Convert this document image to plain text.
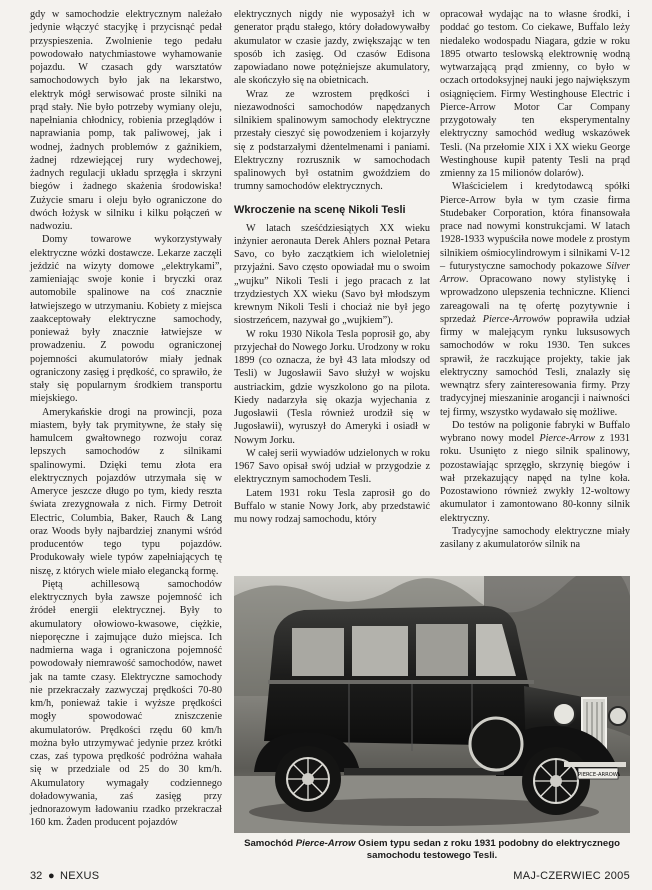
gdy w samochodzie elektrycznym należało jedynie włączyć stacyjkę i przycisnąć pedał przyspieszenia. Zwolnienie tego pedału powodowało natychmiastowe wyhamowanie pojazdu. W czasach gdy warsztatów samochodowych było jak na lekarstwo, elektryk mógł serwisować proste silniki na prąd stały. Nie było potrzeby wymiany oleju, napełniania chłodnicy, robienia przeglądów i naprawiania pomp, tak paliwowej, jak i wodnej, żadnych problemów z gaźnikiem, żadnej rdzewiejącej rury wydechowej, żadnych regulacji układu sprzęgła i skrzyni biegów i żadnego skażenia środowiska! Zużycie smaru i oleju było ograniczone do dwóch łożysk w silniku i kilku połączeń w nadwoziu.

Domy towarowe wykorzystywały elektryczne wózki dostawcze. Lekarze zaczęli jeździć na wizyty domowe „elektrykami”, zamieniając swoje konie i bryczki oraz automobile spalinowe na coś znacznie łatwiejszego w utrzymaniu. Kobiety z miejsca zaakceptowały elektryczne samochody, ponieważ były znacznie łatwiejsze w prowadzeniu. Z powodu ograniczonej pojemności akumulatorów miały jednak ograniczony zasięg i prędkość, co sprawiło, że stały się popularnym środkiem transportu miejskiego.

Amerykańskie drogi na prowincji, poza miastem, były tak prymitywne, że stały się hamulcem gwałtownego rozwoju coraz lepszych samochodów z silnikami spalinowymi. Dzięki temu złota era elektrycznych pojazdów utrzymała się w Ameryce jeszcze długo po tym, kiedy reszta świata zrezygnowała z nich. Firmy Detroit Electric, Columbia, Baker, Rauch & Lang oraz Woods były najbardziej znanymi wśród producentów tego typu pojazdów. Produkowały wiele typów zapełniających tę niszę, z których wiele miało elegancką formę.

Piętą achillesową samochodów elektrycznych była zawsze pojemność ich źródeł energii elektrycznej. Były to akumulatory ołowiowo-kwasowe, ciężkie, nieporęczne i zajmujące dużo miejsca. Ich nadmierna waga i ograniczona pojemność powodowały niemrawość samochodów, nawet jak na tamte czasy. Elektryczne samochody nie przekraczały zazwyczaj prędkości 70-80 km/h, ponieważ takie i wyższe prędkości mogły spowodować zniszczenie akumulatorów. Prędkości rzędu 60 km/h można było utrzymywać jedynie przez krótki czas, zaś typowa prędkość podróżna wahała się w przedziale od 25 do 30 km/h. Akumulatory wymagały codziennego doładowywania, zaś zasięg przy jednorazowym ładowaniu rzadko przekraczał 160 km. Żaden producent pojazdów

elektrycznych nigdy nie wyposażył ich w generator prądu stałego, który doładowywałby akumulator w czasie jazdy, zwiększając w ten sposób ich zasięg. Od czasów Edisona zapowiadano nowe potężniejsze akumulatory, ale skończyło się na obietnicach.

Wraz ze wzrostem prędkości i niezawodności samochodów napędzanych silnikiem spalinowym samochody elektryczne przestały cieszyć się powodzeniem i kojarzyły się z podstarzałymi dżentelmenami i paniami. Elektryczny rozrusznik w samochodach spalinowych był ostatnim gwoździem do trumny samochodów elektrycznych.

Wkroczenie na scenę Nikoli Tesli

W latach sześćdziesiątych XX wieku inżynier aeronauta Derek Ahlers poznał Petara Savo, co było zaczątkiem ich wieloletniej przyjaźni. Savo często opowiadał mu o swoim „wujku” Nikoli Tesli i jego pracach z lat trzydziestych XX wieku (Savo był młodszym krewnym Nikoli Tesli i chociaż nie był jego siostrzeńcem, nazywał go „wujkiem”).

W roku 1930 Nikola Tesla poprosił go, aby przyjechał do Nowego Jorku. Urodzony w roku 1899 (co oznacza, że był 43 lata młodszy od Tesli) w Jugosławii Savo służył w wojsku austriackim, gdzie wyszkolono go na pilota. Kiedy nadarzyła się okazja wyjechania z Jugosławii (Tesla również urodził się w Jugosławii), wyruszył do Ameryki i osiadł w Nowym Jorku.

W całej serii wywiadów udzielonych w roku 1967 Savo opisał swój udział w przygodzie z elektrycznym samochodem Tesli.

Latem 1931 roku Tesla zaprosił go do Buffalo w stanie Nowy Jork, aby przedstawić mu nowy rodzaj samochodu, który

opracował wydając na to własne środki, i poddać go testom. Co ciekawe, Buffalo leży niedaleko wodospadu Niagara, gdzie w roku 1895 otwarto teslowską elektrownię wodną wytwarzającą prąd zmienny, co było w oczach ortodoksyjnej nauki jego największym osiągnięciem. Firmy Westinghouse Electric i Pierce-Arrow Motor Car Company przygotowały ten eksperymentalny elektryczny samochód według wskazówek Tesli. (Na przełomie XIX i XX wieku George Westinghouse kupił patenty Tesli na prąd zmienny za 15 milionów dolarów).

Właścicielem i kredytodawcą spółki Pierce-Arrow była w tym czasie firma Studebaker Corporation, która finansowała prace nad nowymi konstrukcjami. W latach 1928-1933 wypuściła nowe modele z prostym silnikiem ośmiocylindrowym i silnikami V-12 – futurystyczne samochody pokazowe Silver Arrow. Opracowano nowy stylistykę i wprowadzono ulepszenia techniczne. Klienci zareagowali na tę ofertę pozytywnie i sprzedaż Pierce-Arrowów poprawiła udział firmy w malejącym rynku luksusowych samochodów w roku 1930. Ten sukces sprawił, że raczkujące projekty, takie jak elektryczny samochód Tesli, znalazły się wewnątrz sfery zainteresowania firmy. Przy tradycyjnej mieszaninie arogancji i naiwności tej firmy, wszystko wydawało się możliwe.

Do testów na poligonie fabryki w Buffalo wybrano nowy model Pierce-Arrow z 1931 roku. Usunięto z niego silnik spalinowy, pozostawiając sprzęgło, skrzynię biegów i wał przekazujący napęd na tylne koła. Pozostawiono również zwykły 12-woltowy akumulator i zamontowano 80-konny silnik elektryczny.

Tradycyjne samochody elektryczne miały zasilany z akumulatorów silnik na

PIERCE-ARROW
Samochód Pierce-Arrow Osiem typu sedan z roku 1931 podobny do elektrycznego samochodu testowego Tesli.
32 ● NEXUS	MAJ-CZERWIEC 2005
